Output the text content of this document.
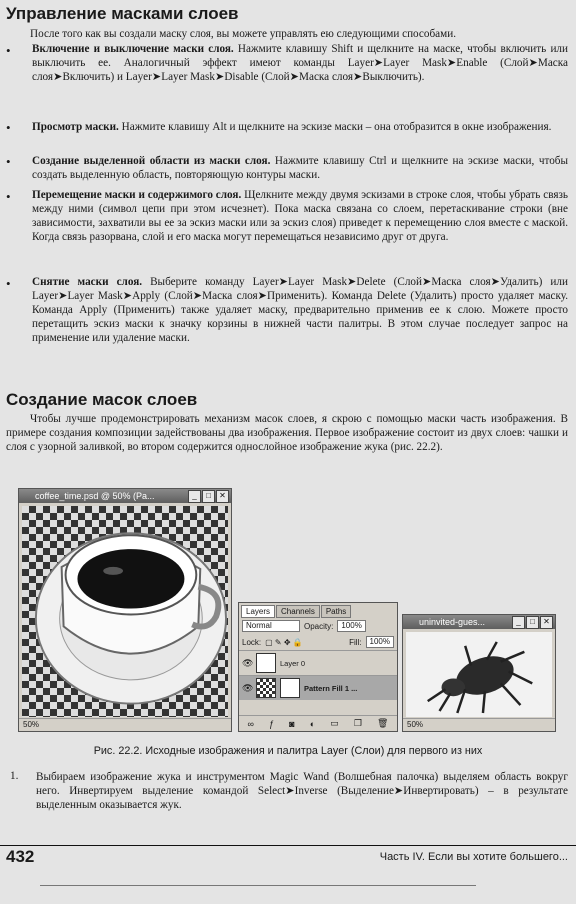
Управление масками слоев
После того как вы создали маску слоя, вы можете управлять ею следующими способами.
• Включение и выключение маски слоя. Нажмите клавишу Shift и щелкните на маске, чтобы включить или выключить ее. Аналогичный эффект имеют команды Layer➤Layer Mask➤Enable (Слой➤Маска слоя➤Включить) и Layer➤Layer Mask➤Disable (Слой➤Маска слоя➤Выключить).
• Просмотр маски. Нажмите клавишу Alt и щелкните на эскизе маски – она отобразится в окне изображения.
• Создание выделенной области из маски слоя. Нажмите клавишу Ctrl и щелкните на эскизе маски, чтобы создать выделенную область, повторяющую контуры маски.
• Перемещение маски и содержимого слоя. Щелкните между двумя эскизами в строке слоя, чтобы убрать связь между ними (символ цепи при этом исчезнет). Пока маска связана со слоем, перетаскивание строки (вне зависимости, захватили вы ее за эскиз маски или за эскиз слоя) приведет к перемещению слоя вместе с маской. Когда связь разорвана, слой и его маска могут перемещаться независимо друг от друга.
• Снятие маски слоя. Выберите команду Layer➤Layer Mask➤Delete (Слой➤Маска слоя➤Удалить) или Layer➤Layer Mask➤Apply (Слой➤Маска слоя➤Применить). Команда Delete (Удалить) просто удаляет маску. Команда Apply (Применить) также удаляет маску, предварительно применив ее к слою. Можете просто перетащить эскиз маски к значку корзины в нижней части палитры. В этом случае последует запрос на применение или удаление маски.
Создание масок слоев
Чтобы лучше продемонстрировать механизм масок слоев, я скрою с помощью маски часть изображения. В примере создания композиции задействованы два изображения. Первое изображение состоит из двух слоев: чашки и слоя с узорной заливкой, во втором содержится однослойное изображение жука (рис. 22.2).
coffee_time.psd @ 50% (Pa...	_	□	✕
50%
Layers	Channels	Paths
Normal	Opacity:	100%
Lock: ▢ ✎ ✥ 🔒	Fill:	100%
👁	Layer 0
👁	Pattern Fill 1 ...
∞ ƒ ◙ ◐ ▭ ❐ 🗑
uninvited-gues...	_	□	✕
50%
Рис. 22.2. Исходные изображения и палитра Layer (Слои) для первого из них
1. Выбираем изображение жука и инструментом Magic Wand (Волшебная палочка) выделяем область вокруг него. Инвертируем выделение командой Select➤Inverse (Выделение➤Инвертировать) – в результате выделенным оказывается жук.
432	Часть IV. Если вы хотите большего...
